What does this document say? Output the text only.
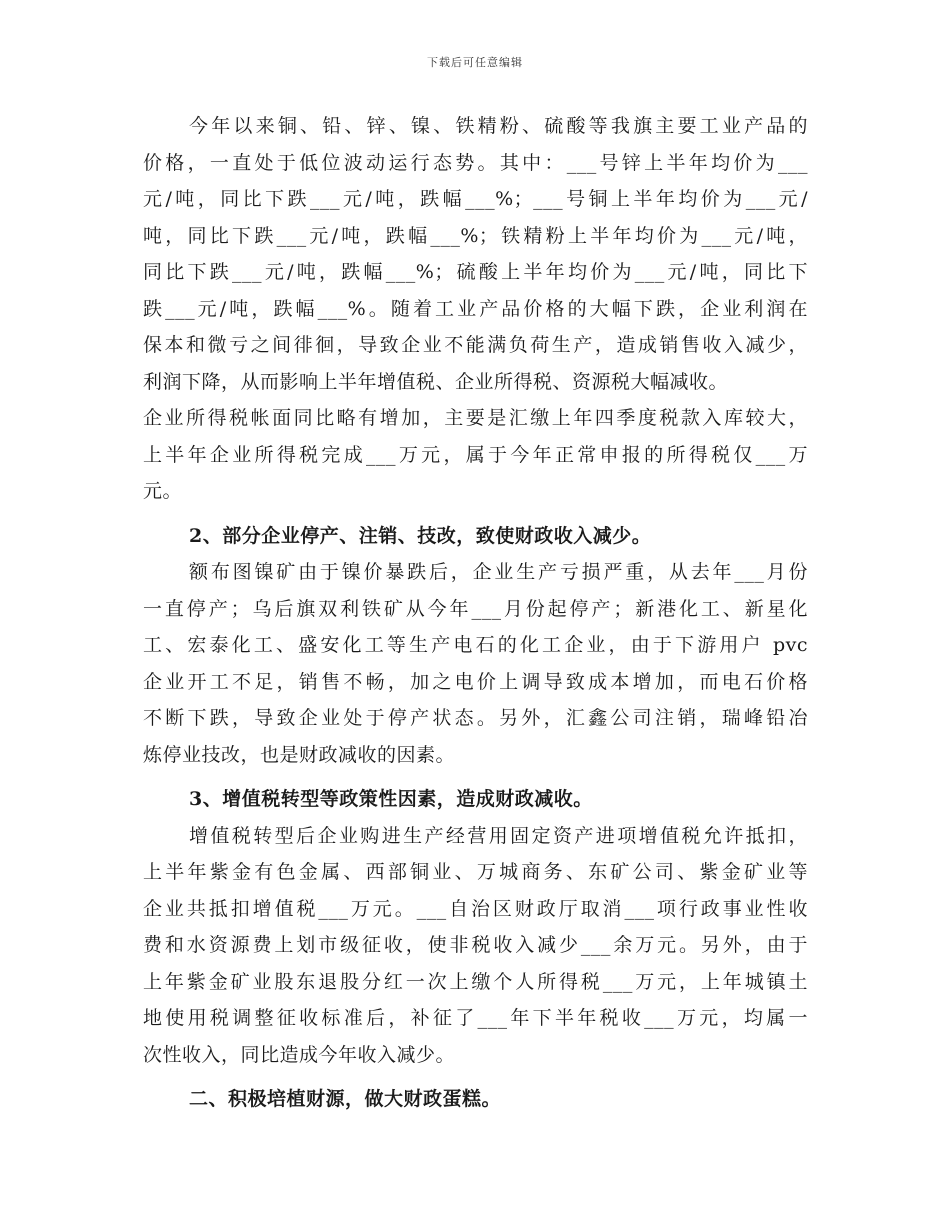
下载后可任意编辑
今年以来铜、铅、锌、镍、铁精粉、硫酸等我旗主要工业产品的
价格，一直处于低位波动运行态势。其中：___号锌上半年均价为___
元/吨，同比下跌___元/吨，跌幅___%；___号铜上半年均价为___元/
吨，同比下跌___元/吨，跌幅___%；铁精粉上半年均价为___元/吨，
同比下跌___元/吨，跌幅___%；硫酸上半年均价为___元/吨，同比下
跌___元/吨，跌幅___%。随着工业产品价格的大幅下跌，企业利润在
保本和微亏之间徘徊，导致企业不能满负荷生产，造成销售收入减少，
利润下降，从而影响上半年增值税、企业所得税、资源税大幅减收。
企业所得税帐面同比略有增加，主要是汇缴上年四季度税款入库较大，
上半年企业所得税完成___万元，属于今年正常申报的所得税仅___万
元。
2、部分企业停产、注销、技改，致使财政收入减少。
额布图镍矿由于镍价暴跌后，企业生产亏损严重，从去年___月份
一直停产；乌后旗双利铁矿从今年___月份起停产；新港化工、新星化
工、宏泰化工、盛安化工等生产电石的化工企业，由于下游用户 pvc
企业开工不足，销售不畅，加之电价上调导致成本增加，而电石价格
不断下跌，导致企业处于停产状态。另外，汇鑫公司注销，瑞峰铅冶
炼停业技改，也是财政减收的因素。
3、增值税转型等政策性因素，造成财政减收。
增值税转型后企业购进生产经营用固定资产进项增值税允许抵扣，
上半年紫金有色金属、西部铜业、万城商务、东矿公司、紫金矿业等
企业共抵扣增值税___万元。___自治区财政厅取消___项行政事业性收
费和水资源费上划市级征收，使非税收入减少___余万元。另外，由于
上年紫金矿业股东退股分红一次上缴个人所得税___万元，上年城镇土
地使用税调整征收标准后，补征了___年下半年税收___万元，均属一
次性收入，同比造成今年收入减少。
二、积极培植财源，做大财政蛋糕。
